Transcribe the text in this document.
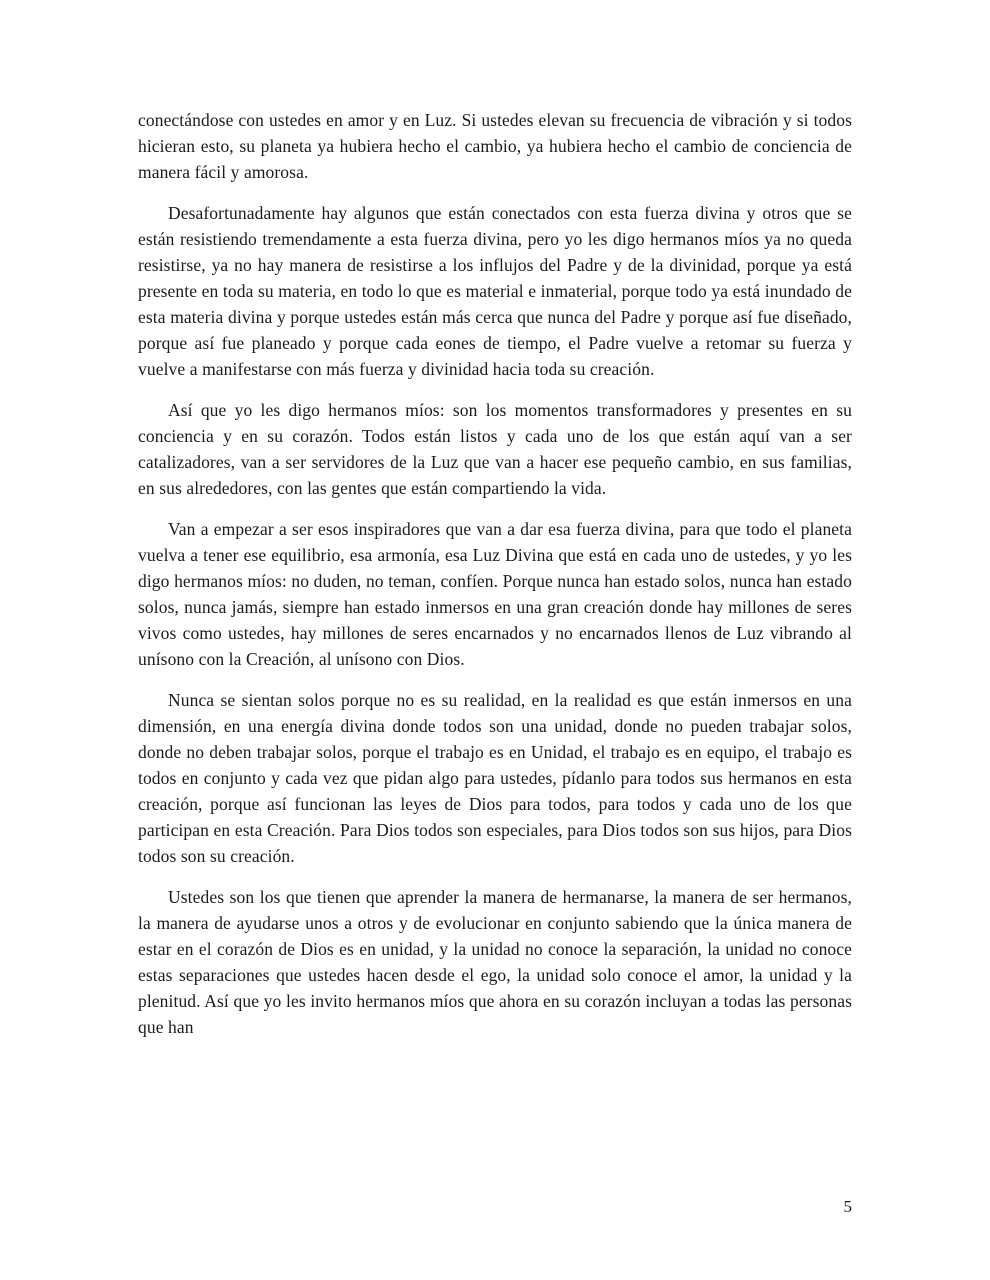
conectándose con ustedes en amor y en Luz. Si ustedes elevan su frecuencia de vibración y si todos hicieran esto, su planeta ya hubiera hecho el cambio, ya hubiera hecho el cambio de conciencia de manera fácil y amorosa.

Desafortunadamente hay algunos que están conectados con esta fuerza divina y otros que se están resistiendo tremendamente a esta fuerza divina, pero yo les digo hermanos míos ya no queda resistirse, ya no hay manera de resistirse a los influjos del Padre y de la divinidad, porque ya está presente en toda su materia, en todo lo que es material e inmaterial, porque todo ya está inundado de esta materia divina y porque ustedes están más cerca que nunca del Padre y porque así fue diseñado, porque así fue planeado y porque cada eones de tiempo, el Padre vuelve a retomar su fuerza y vuelve a manifestarse con más fuerza y divinidad hacia toda su creación.

Así que yo les digo hermanos míos: son los momentos transformadores y presentes en su conciencia y en su corazón. Todos están listos y cada uno de los que están aquí van a ser catalizadores, van a ser servidores de la Luz que van a hacer ese pequeño cambio, en sus familias, en sus alrededores, con las gentes que están compartiendo la vida.

Van a empezar a ser esos inspiradores que van a dar esa fuerza divina, para que todo el planeta vuelva a tener ese equilibrio, esa armonía, esa Luz Divina que está en cada uno de ustedes, y yo les digo hermanos míos: no duden, no teman, confíen. Porque nunca han estado solos, nunca han estado solos, nunca jamás, siempre han estado inmersos en una gran creación donde hay millones de seres vivos como ustedes, hay millones de seres encarnados y no encarnados llenos de Luz vibrando al unísono con la Creación, al unísono con Dios.

Nunca se sientan solos porque no es su realidad, en la realidad es que están inmersos en una dimensión, en una energía divina donde todos son una unidad, donde no pueden trabajar solos, donde no deben trabajar solos, porque el trabajo es en Unidad, el trabajo es en equipo, el trabajo es todos en conjunto y cada vez que pidan algo para ustedes, pídanlo para todos sus hermanos en esta creación, porque así funcionan las leyes de Dios para todos, para todos y cada uno de los que participan en esta Creación. Para Dios todos son especiales, para Dios todos son sus hijos, para Dios todos son su creación.

Ustedes son los que tienen que aprender la manera de hermanarse, la manera de ser hermanos, la manera de ayudarse unos a otros y de evolucionar en conjunto sabiendo que la única manera de estar en el corazón de Dios es en unidad, y la unidad no conoce la separación, la unidad no conoce estas separaciones que ustedes hacen desde el ego, la unidad solo conoce el amor, la unidad y la plenitud. Así que yo les invito hermanos míos que ahora en su corazón incluyan a todas las personas que han

5
